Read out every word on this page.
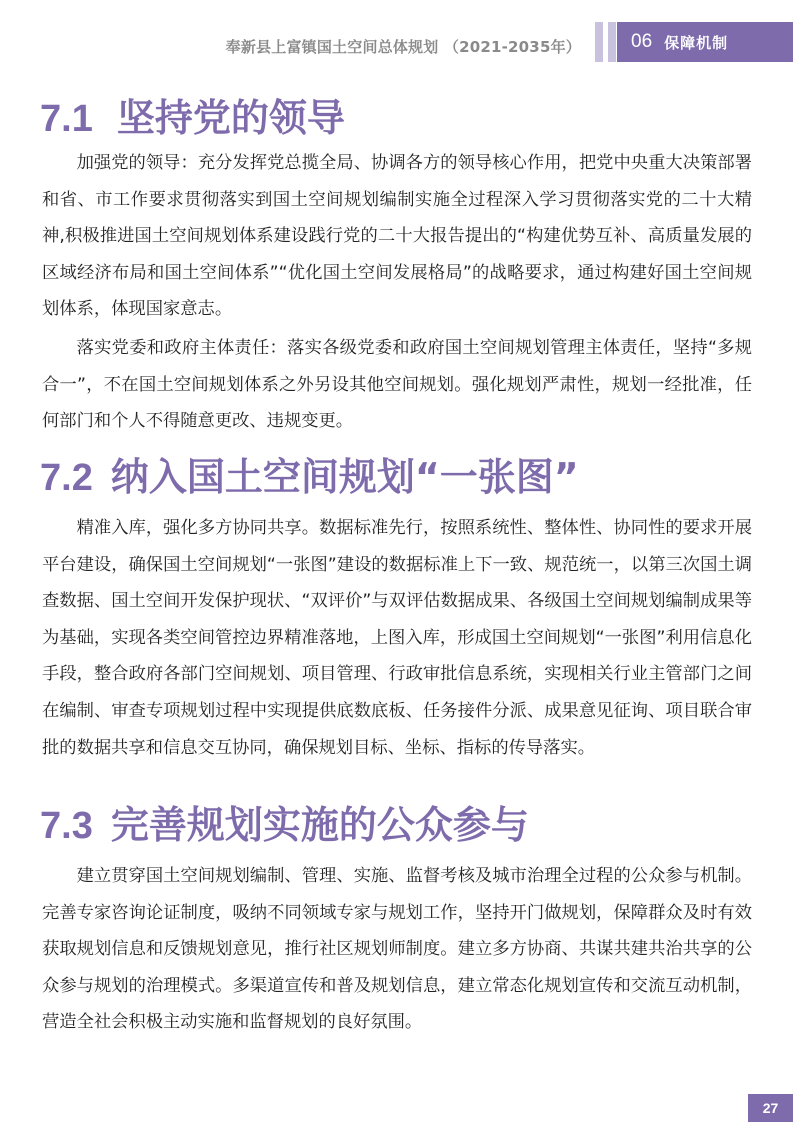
奉新县上富镇国土空间总体规划 （2021-2035年）	06 保障机制
7.1 坚持党的领导

加强党的领导：充分发挥党总揽全局、协调各方的领导核心作用，把党中央重大决策部署和省、市工作要求贯彻落实到国土空间规划编制实施全过程深入学习贯彻落实党的二十大精神,积极推进国土空间规划体系建设践行党的二十大报告提出的“构建优势互补、高质量发展的区域经济布局和国土空间体系”“优化国土空间发展格局”的战略要求，通过构建好国土空间规划体系，体现国家意志。

落实党委和政府主体责任：落实各级党委和政府国土空间规划管理主体责任，坚持“多规合一”，不在国土空间规划体系之外另设其他空间规划。强化规划严肃性，规划一经批准，任何部门和个人不得随意更改、违规变更。

7.2 纳入国土空间规划“一张图”

精准入库，强化多方协同共享。数据标准先行，按照系统性、整体性、协同性的要求开展平台建设，确保国土空间规划“一张图”建设的数据标准上下一致、规范统一，以第三次国土调查数据、国土空间开发保护现状、“双评价”与双评估数据成果、各级国土空间规划编制成果等为基础，实现各类空间管控边界精准落地，上图入库，形成国土空间规划“一张图”利用信息化手段，整合政府各部门空间规划、项目管理、行政审批信息系统，实现相关行业主管部门之间在编制、审查专项规划过程中实现提供底数底板、任务接件分派、成果意见征询、项目联合审批的数据共享和信息交互协同，确保规划目标、坐标、指标的传导落实。

7.3 完善规划实施的公众参与

建立贯穿国土空间规划编制、管理、实施、监督考核及城市治理全过程的公众参与机制。完善专家咨询论证制度，吸纳不同领域专家与规划工作，坚持开门做规划，保障群众及时有效获取规划信息和反馈规划意见，推行社区规划师制度。建立多方协商、共谋共建共治共享的公众参与规划的治理模式。多渠道宣传和普及规划信息，建立常态化规划宣传和交流互动机制，营造全社会积极主动实施和监督规划的良好氛围。

27
